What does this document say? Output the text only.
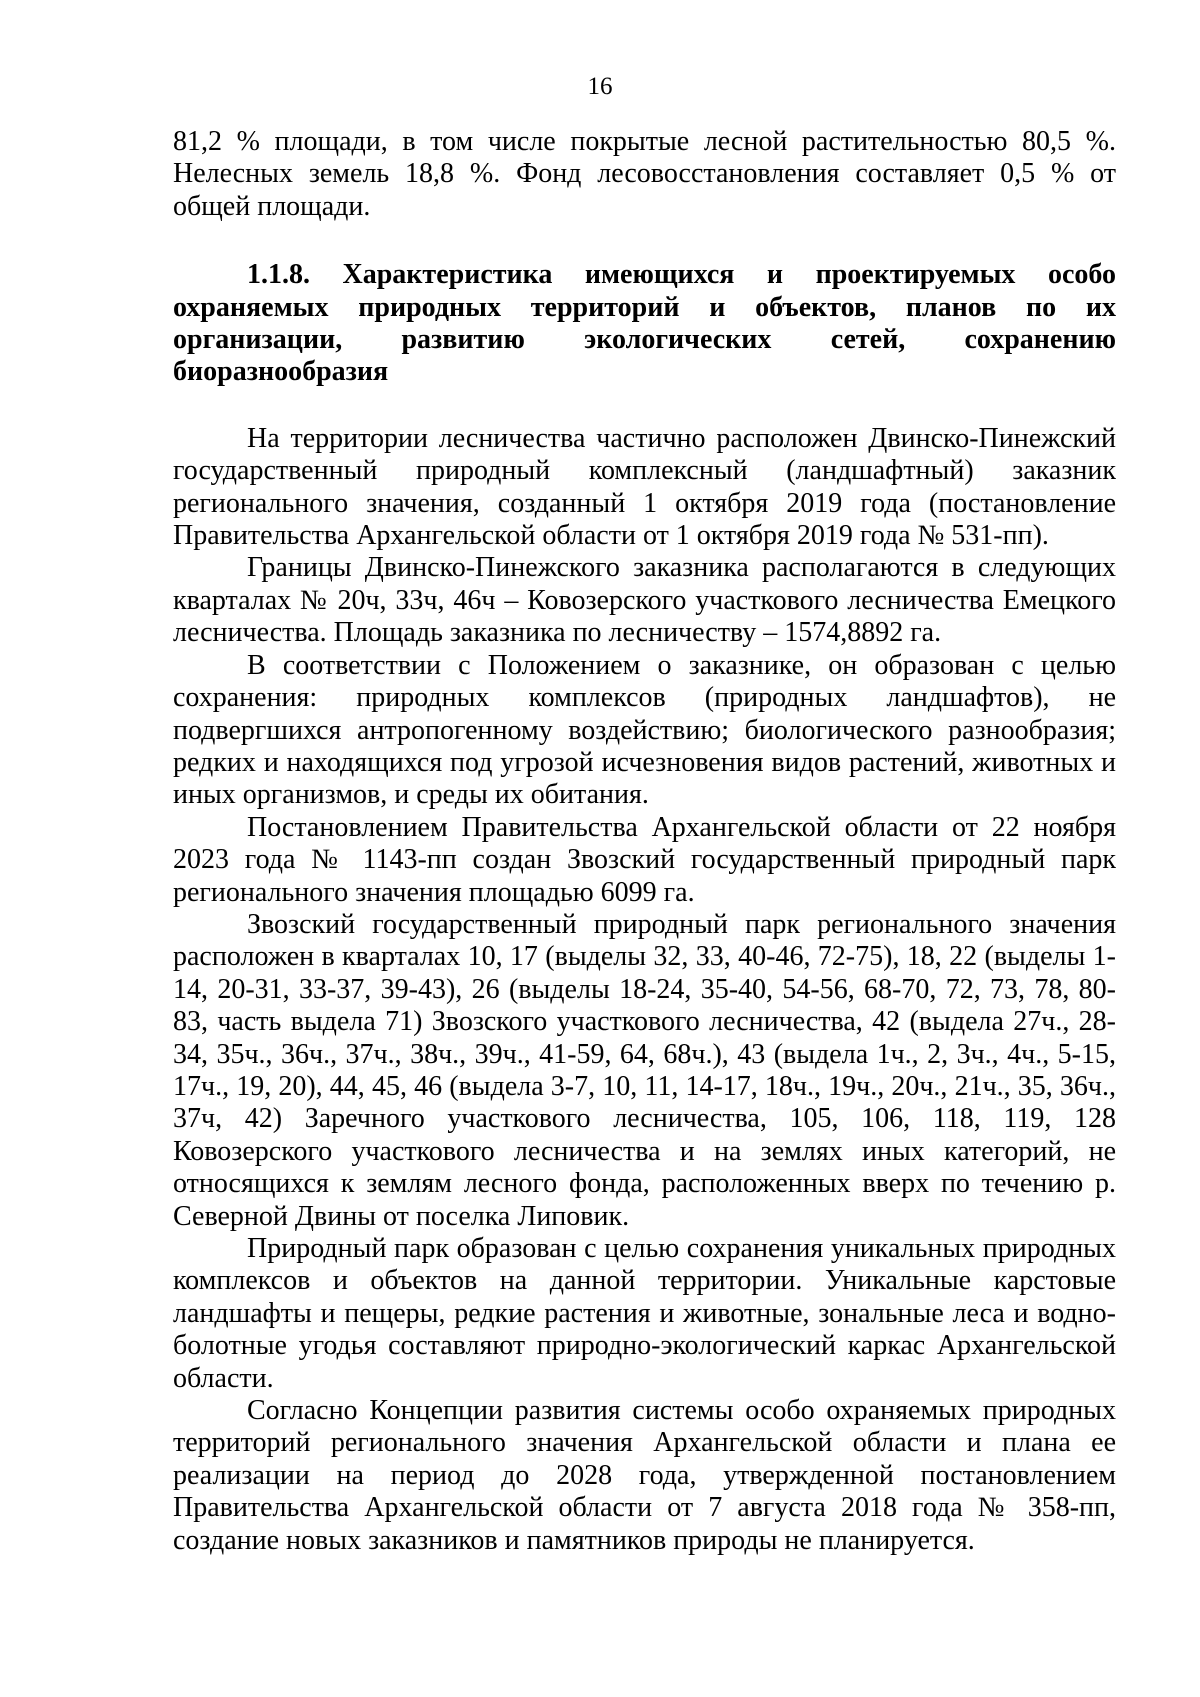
16

81,2 % площади, в том числе покрытые лесной растительностью 80,5 %. Нелесных земель 18,8 %. Фонд лесовосстановления составляет 0,5 % от общей площади.

1.1.8. Характеристика имеющихся и проектируемых особо охраняемых природных территорий и объектов, планов по их организации, развитию экологических сетей, сохранению биоразнообразия

На территории лесничества частично расположен Двинско-Пинежский государственный природный комплексный (ландшафтный) заказник регионального значения, созданный 1 октября 2019 года (постановление Правительства Архангельской области от 1 октября 2019 года № 531-пп).

Границы Двинско-Пинежского заказника располагаются в следующих кварталах № 20ч, 33ч, 46ч – Ковозерского участкового лесничества Емецкого лесничества. Площадь заказника по лесничеству – 1574,8892 га.

В соответствии с Положением о заказнике, он образован с целью сохранения: природных комплексов (природных ландшафтов), не подвергшихся антропогенному воздействию; биологического разнообразия; редких и находящихся под угрозой исчезновения видов растений, животных и иных организмов, и среды их обитания.

Постановлением Правительства Архангельской области от 22 ноября 2023 года № 1143-пп создан Звозский государственный природный парк регионального значения площадью 6099 га.

Звозский государственный природный парк регионального значения расположен в кварталах 10, 17 (выделы 32, 33, 40-46, 72-75), 18, 22 (выделы 1-14, 20-31, 33-37, 39-43), 26 (выделы 18-24, 35-40, 54-56, 68-70, 72, 73, 78, 80-83, часть выдела 71) Звозского участкового лесничества, 42 (выдела 27ч., 28-34, 35ч., 36ч., 37ч., 38ч., 39ч., 41-59, 64, 68ч.), 43 (выдела 1ч., 2, 3ч., 4ч., 5-15, 17ч., 19, 20), 44, 45, 46 (выдела 3-7, 10, 11, 14-17, 18ч., 19ч., 20ч., 21ч., 35, 36ч., 37ч, 42) Заречного участкового лесничества, 105, 106, 118, 119, 128 Ковозерского участкового лесничества и на землях иных категорий, не относящихся к землям лесного фонда, расположенных вверх по течению р. Северной Двины от поселка Липовик.

Природный парк образован с целью сохранения уникальных природных комплексов и объектов на данной территории. Уникальные карстовые ландшафты и пещеры, редкие растения и животные, зональные леса и водно-болотные угодья составляют природно-экологический каркас Архангельской области.

Согласно Концепции развития системы особо охраняемых природных территорий регионального значения Архангельской области и плана ее реализации на период до 2028 года, утвержденной постановлением Правительства Архангельской области от 7 августа 2018 года № 358-пп, создание новых заказников и памятников природы не планируется.
